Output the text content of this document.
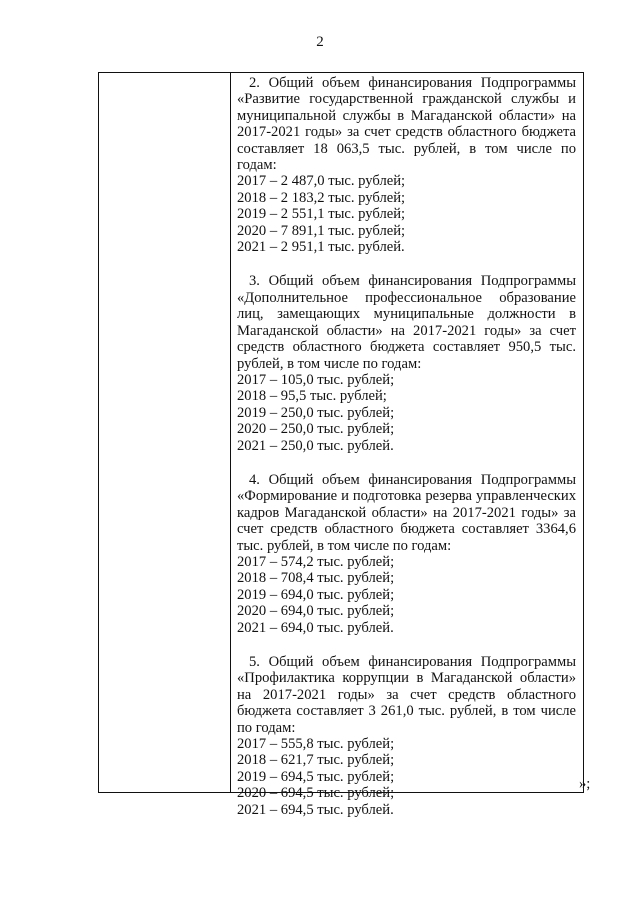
2
2. Общий объем финансирования Подпрограммы «Развитие государственной гражданской службы и муниципальной службы в Магаданской области» на 2017-2021 годы» за счет средств областного бюджета составляет 18 063,5 тыс. рублей, в том числе по годам:
2017 – 2 487,0 тыс. рублей;
2018 – 2 183,2 тыс. рублей;
2019 – 2 551,1 тыс. рублей;
2020 – 7 891,1 тыс. рублей;
2021 – 2 951,1 тыс. рублей.
3. Общий объем финансирования Подпрограммы «Дополнительное профессиональное образование лиц, замещающих муниципальные должности в Магаданской области» на 2017-2021 годы» за счет средств областного бюджета составляет 950,5 тыс. рублей, в том числе по годам:
2017 – 105,0 тыс. рублей;
2018 – 95,5 тыс. рублей;
2019 – 250,0 тыс. рублей;
2020 – 250,0 тыс. рублей;
2021 – 250,0 тыс. рублей.
4. Общий объем финансирования Подпрограммы «Формирование и подготовка резерва управленческих кадров Магаданской области» на 2017-2021 годы» за счет средств областного бюджета составляет 3364,6 тыс. рублей, в том числе по годам:
2017 – 574,2 тыс. рублей;
2018 – 708,4 тыс. рублей;
2019 – 694,0 тыс. рублей;
2020 – 694,0 тыс. рублей;
2021 – 694,0 тыс. рублей.
5. Общий объем финансирования Подпрограммы «Профилактика коррупции в Магаданской области» на 2017-2021 годы» за счет средств областного бюджета составляет 3 261,0 тыс. рублей, в том числе по годам:
2017 – 555,8 тыс. рублей;
2018 – 621,7 тыс. рублей;
2019 – 694,5 тыс. рублей;
2020 – 694,5 тыс. рублей;
2021 – 694,5 тыс. рублей.
»;
